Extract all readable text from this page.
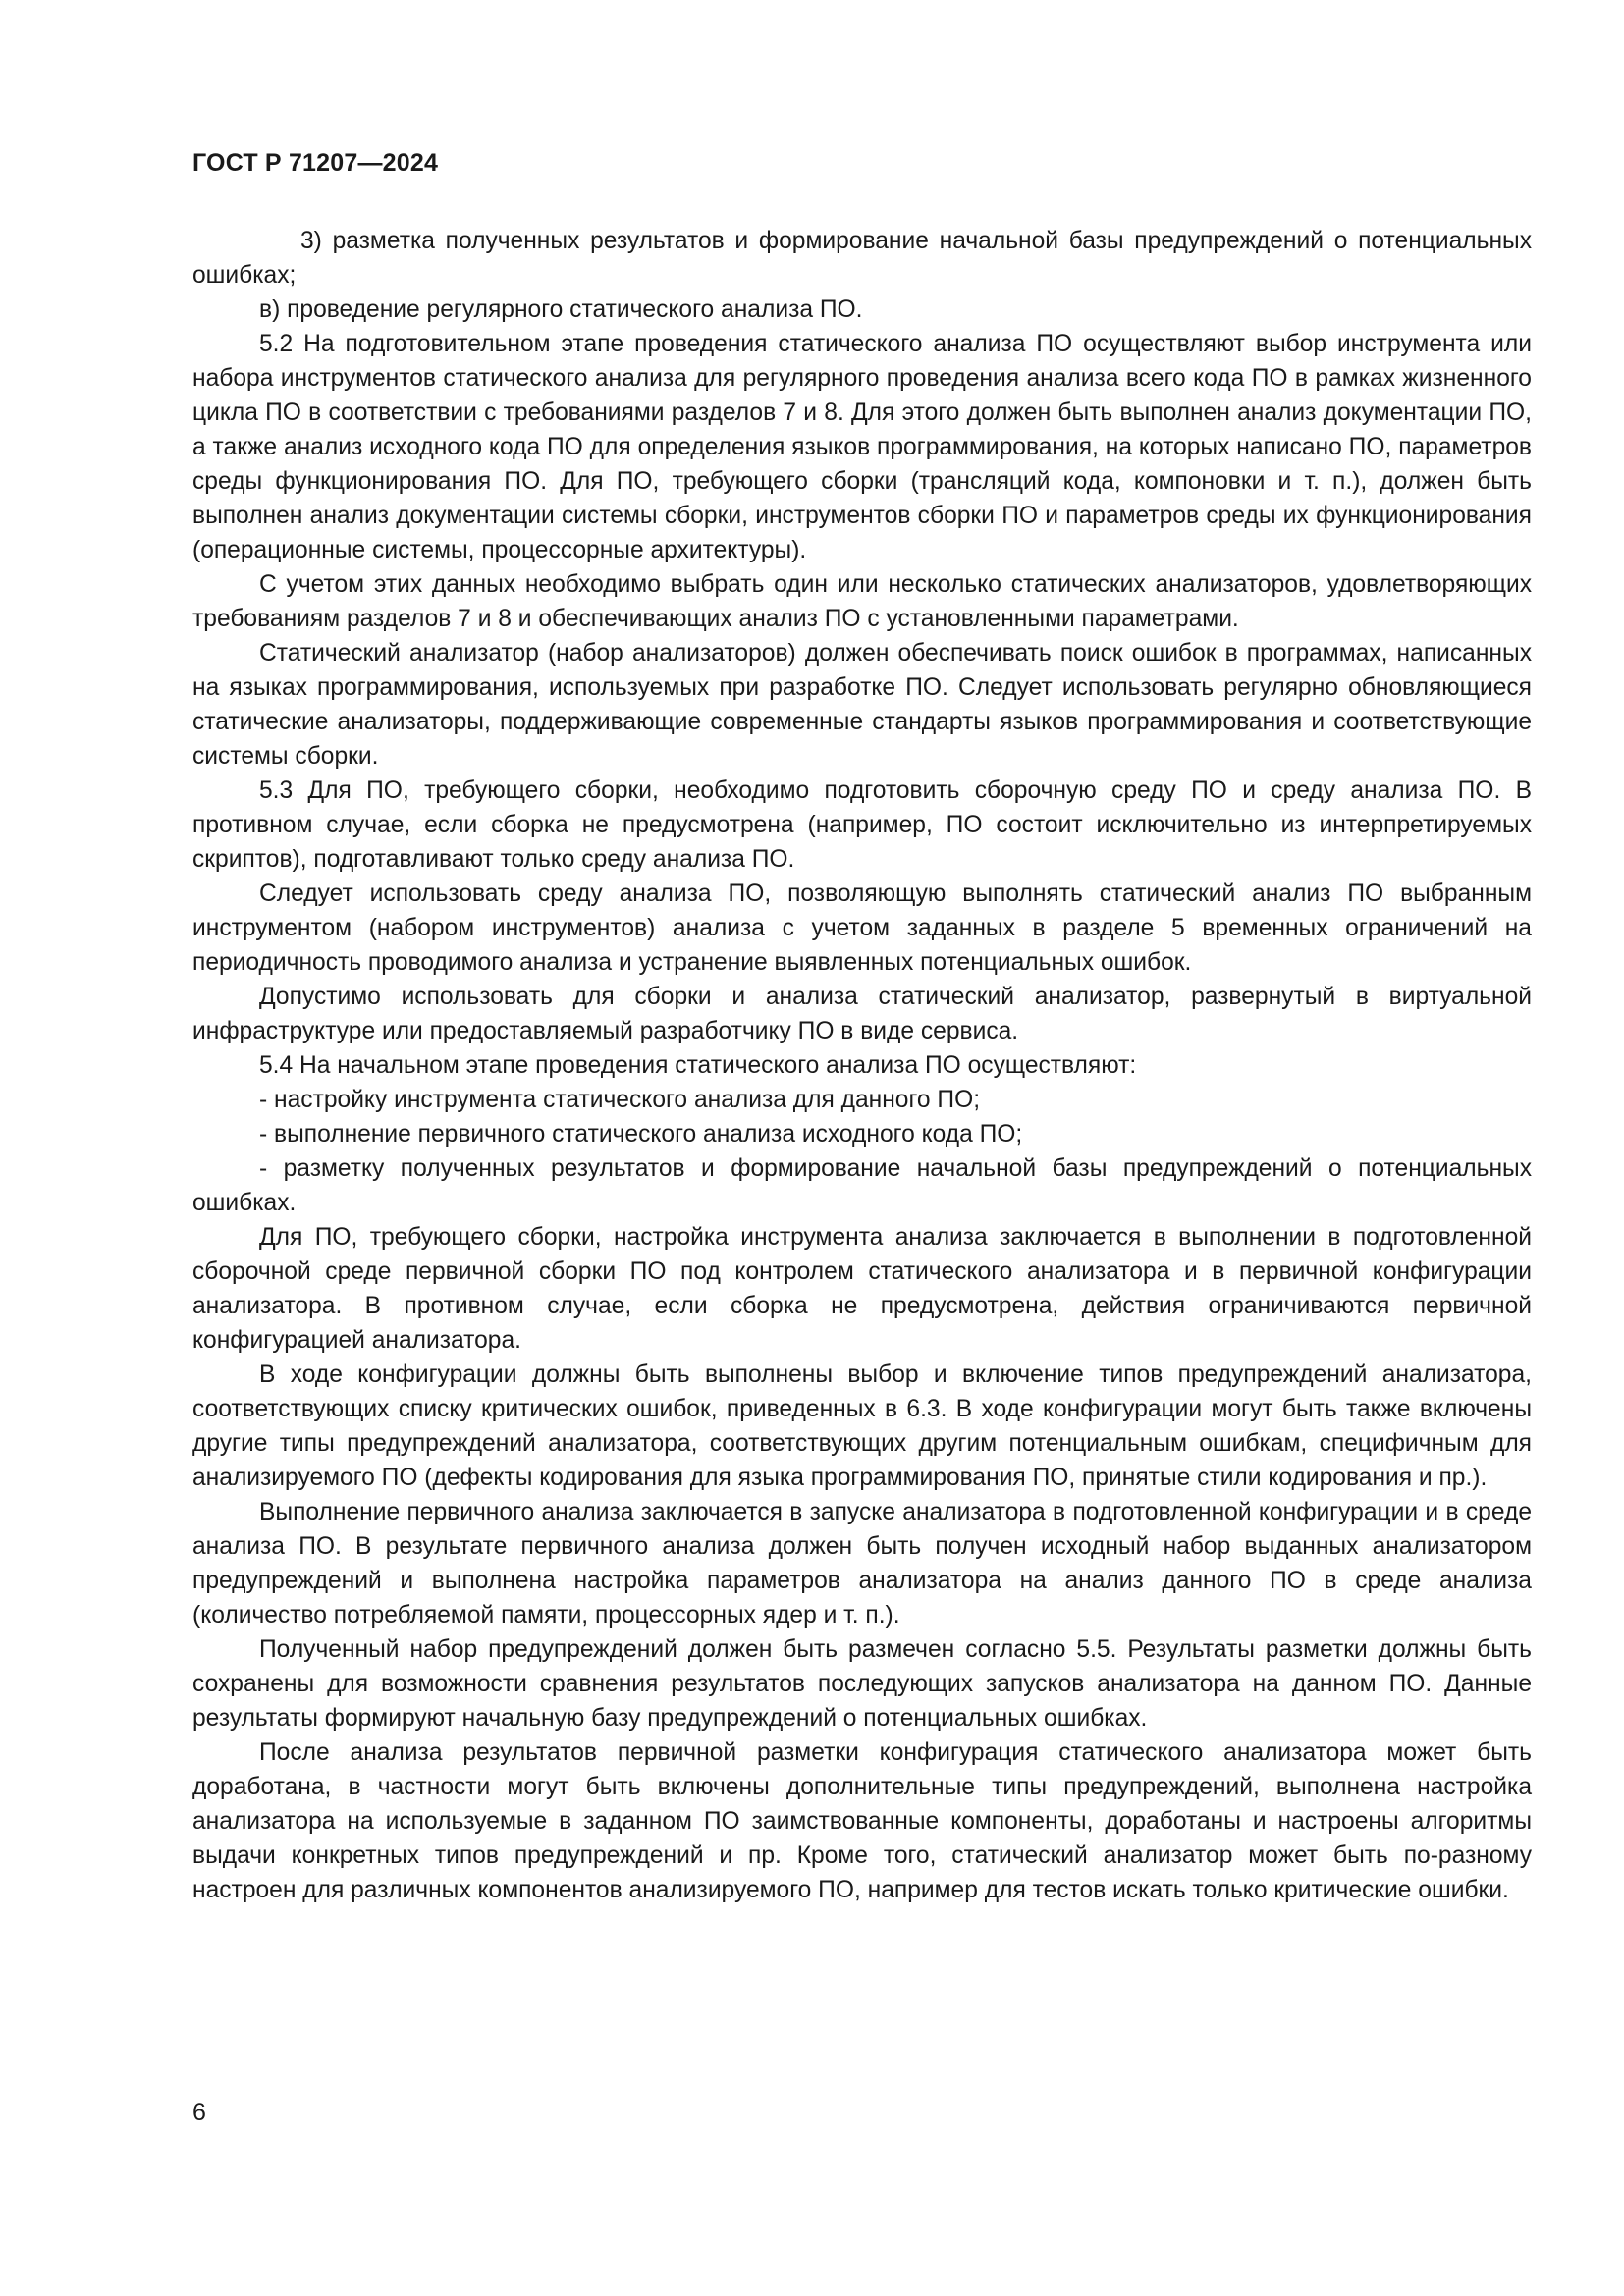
ГОСТ Р 71207—2024

3) разметка полученных результатов и формирование начальной базы предупреждений о потенциальных ошибках;

в) проведение регулярного статического анализа ПО.

5.2 На подготовительном этапе проведения статического анализа ПО осуществляют выбор инструмента или набора инструментов статического анализа для регулярного проведения анализа всего кода ПО в рамках жизненного цикла ПО в соответствии с требованиями разделов 7 и 8. Для этого должен быть выполнен анализ документации ПО, а также анализ исходного кода ПО для определения языков программирования, на которых написано ПО, параметров среды функционирования ПО. Для ПО, требующего сборки (трансляций кода, компоновки и т. п.), должен быть выполнен анализ документации системы сборки, инструментов сборки ПО и параметров среды их функционирования (операционные системы, процессорные архитектуры).

С учетом этих данных необходимо выбрать один или несколько статических анализаторов, удовлетворяющих требованиям разделов 7 и 8 и обеспечивающих анализ ПО с установленными параметрами.

Статический анализатор (набор анализаторов) должен обеспечивать поиск ошибок в программах, написанных на языках программирования, используемых при разработке ПО. Следует использовать регулярно обновляющиеся статические анализаторы, поддерживающие современные стандарты языков программирования и соответствующие системы сборки.

5.3 Для ПО, требующего сборки, необходимо подготовить сборочную среду ПО и среду анализа ПО. В противном случае, если сборка не предусмотрена (например, ПО состоит исключительно из интерпретируемых скриптов), подготавливают только среду анализа ПО.

Следует использовать среду анализа ПО, позволяющую выполнять статический анализ ПО выбранным инструментом (набором инструментов) анализа с учетом заданных в разделе 5 временных ограничений на периодичность проводимого анализа и устранение выявленных потенциальных ошибок.

Допустимо использовать для сборки и анализа статический анализатор, развернутый в виртуальной инфраструктуре или предоставляемый разработчику ПО в виде сервиса.

5.4 На начальном этапе проведения статического анализа ПО осуществляют:

- настройку инструмента статического анализа для данного ПО;

- выполнение первичного статического анализа исходного кода ПО;

- разметку полученных результатов и формирование начальной базы предупреждений о потенциальных ошибках.

Для ПО, требующего сборки, настройка инструмента анализа заключается в выполнении в подготовленной сборочной среде первичной сборки ПО под контролем статического анализатора и в первичной конфигурации анализатора. В противном случае, если сборка не предусмотрена, действия ограничиваются первичной конфигурацией анализатора.

В ходе конфигурации должны быть выполнены выбор и включение типов предупреждений анализатора, соответствующих списку критических ошибок, приведенных в 6.3. В ходе конфигурации могут быть также включены другие типы предупреждений анализатора, соответствующих другим потенциальным ошибкам, специфичным для анализируемого ПО (дефекты кодирования для языка программирования ПО, принятые стили кодирования и пр.).

Выполнение первичного анализа заключается в запуске анализатора в подготовленной конфигурации и в среде анализа ПО. В результате первичного анализа должен быть получен исходный набор выданных анализатором предупреждений и выполнена настройка параметров анализатора на анализ данного ПО в среде анализа (количество потребляемой памяти, процессорных ядер и т. п.).

Полученный набор предупреждений должен быть размечен согласно 5.5. Результаты разметки должны быть сохранены для возможности сравнения результатов последующих запусков анализатора на данном ПО. Данные результаты формируют начальную базу предупреждений о потенциальных ошибках.

После анализа результатов первичной разметки конфигурация статического анализатора может быть доработана, в частности могут быть включены дополнительные типы предупреждений, выполнена настройка анализатора на используемые в заданном ПО заимствованные компоненты, доработаны и настроены алгоритмы выдачи конкретных типов предупреждений и пр. Кроме того, статический анализатор может быть по-разному настроен для различных компонентов анализируемого ПО, например для тестов искать только критические ошибки.

6
